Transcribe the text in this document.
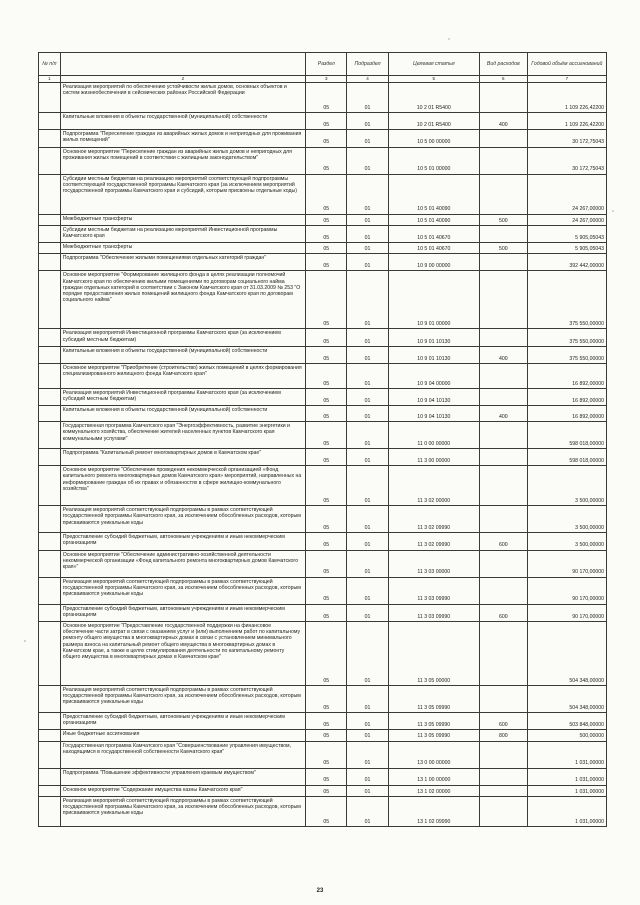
№ п/п		Раздел	Подраздел	Целевая статья	Вид расходов	Годовой объём ассигнований
1	2	3	4	5	6	7

	Реализация мероприятий по обеспечению устойчивости жилых домов, основных объектов и систем жизнеобеспечения в сейсмических районах Российской Федерации	05	01	10 2 01 R5400		1 109 226,42200

	Капитальные вложения в объекты государственной (муниципальной) собственности	05	01	10 2 01 R5400	400	1 109 226,42200

	Подпрограмма "Переселение граждан из аварийных жилых домов и непригодных для проживания жилых помещений"	05	01	10 5 00 00000		30 172,75043

	Основное мероприятие "Переселение граждан из аварийных жилых домов и непригодных для проживания жилых помещений в соответствии с жилищным законодательством"	05	01	10 5 01 00000		30 172,75043

	Субсидии местным бюджетам на реализацию мероприятий соответствующей подпрограммы соответствующей государственной программы Камчатского края (за исключением мероприятий государственной программы Камчатского края и субсидий, которым присвоены отдельные коды)	05	01	10 5 01 40090		24 267,00000

	Межбюджетные трансферты	05	01	10 5 01 40090	500	24 267,00000

	Субсидии местным бюджетам на реализацию мероприятий Инвестиционной программы Камчатского края	05	01	10 5 01 40670		5 905,05043

	Межбюджетные трансферты	05	01	10 5 01 40670	500	5 905,05043

	Подпрограмма "Обеспечение жилыми помещениями отдельных категорий граждан"	05	01	10 9 00 00000		392 442,00000

	Основное мероприятие "Формирование жилищного фонда в целях реализации полномочий Камчатского края по обеспечению жилыми помещениями по договорам социального найма граждан отдельных категорий в соответствии с Законом Камчатского края от 31.03.2009 № 253 "О порядке предоставления жилых помещений жилищного фонда Камчатского края по договорам социального найма"	05	01	10 9 01 00000		375 550,00000

	Реализация мероприятий Инвестиционной программы Камчатского края (за исключением субсидий местным бюджетам)	05	01	10 9 01 10130		375 550,00000

	Капитальные вложения в объекты государственной (муниципальной) собственности	05	01	10 9 01 10130	400	375 550,00000

	Основное мероприятие "Приобретение (строительство) жилых помещений в целях формирования специализированного жилищного фонда Камчатского края"	05	01	10 9 04 00000		16 892,00000

	Реализация мероприятий Инвестиционной программы Камчатского края (за исключением субсидий местным бюджетам)	05	01	10 9 04 10130		16 892,00000

	Капитальные вложения в объекты государственной (муниципальной) собственности	05	01	10 9 04 10130	400	16 892,00000

	Государственная программа Камчатского края "Энергоэффективность, развитие энергетики и коммунального хозяйства, обеспечение жителей населенных пунктов Камчатского края коммунальными услугами"	05	01	11 0 00 00000		598 018,00000

	Подпрограмма "Капитальный ремонт многоквартирных домов в Камчатском крае"	05	01	11 3 00 00000		598 018,00000

	Основное мероприятие "Обеспечение проведения некоммерческой организацией «Фонд капитального ремонта многоквартирных домов Камчатского края» мероприятий, направленных на информирование граждан об их правах и обязанностях в сфере жилищно-коммунального хозяйства"	05	01	11 3 02 00000		3 500,00000

	Реализация мероприятий соответствующей подпрограммы в рамках соответствующей государственной программы Камчатского края, за исключением обособленных расходов, которым присваиваются уникальные коды	05	01	11 3 02 09990		3 500,00000

	Предоставление субсидий бюджетным, автономным учреждениям и иным некоммерческим организациям	05	01	11 3 02 09990	600	3 500,00000

	Основное мероприятие "Обеспечение административно-хозяйственной деятельности некоммерческой организации «Фонд капитального ремонта многоквартирных домов Камчатского края»"	05	01	11 3 03 00000		90 170,00000

	Реализация мероприятий соответствующей подпрограммы в рамках соответствующей государственной программы Камчатского края, за исключением обособленных расходов, которым присваиваются уникальные коды	05	01	11 3 03 09990		90 170,00000

	Предоставление субсидий бюджетным, автономным учреждениям и иным некоммерческим организациям	05	01	11 3 03 09990	600	90 170,00000

	Основное мероприятие "Предоставление государственной поддержки на финансовое обеспечение части затрат в связи с оказанием услуг и (или) выполнением работ по капитальному ремонту общего имущества в многоквартирных домах в связи с установлением минимального размера взноса на капитальный ремонт общего имущества в многоквартирных домах в Камчатском крае, а также в целях стимулирования деятельности по капитальному ремонту общего имущества в многоквартирных домах в Камчатском крае"	05	01	11 3 05 00000		504 348,00000

	Реализация мероприятий соответствующей подпрограммы в рамках соответствующей государственной программы Камчатского края, за исключением обособленных расходов, которым присваиваются уникальные коды	05	01	11 3 05 09990		504 348,00000

	Предоставление субсидий бюджетным, автономным учреждениям и иным некоммерческим организациям	05	01	11 3 05 09990	600	503 848,00000

	Иные бюджетные ассигнования	05	01	11 3 05 09990	800	500,00000

	Государственная программа Камчатского края "Совершенствование управления имуществом, находящимся в государственной собственности Камчатского края"	05	01	13 0 00 00000		1 031,00000

	Подпрограмма "Повышение эффективности управления краевым имуществом"	05	01	13 1 00 00000		1 031,00000

	Основное мероприятие "Содержание имущества казны Камчатского края"	05	01	13 1 02 00000		1 031,00000

	Реализация мероприятий соответствующей подпрограммы в рамках соответствующей государственной программы Камчатского края, за исключением обособленных расходов, которым присваиваются уникальные коды	05	01	13 1 02 09990		1 031,00000
23
